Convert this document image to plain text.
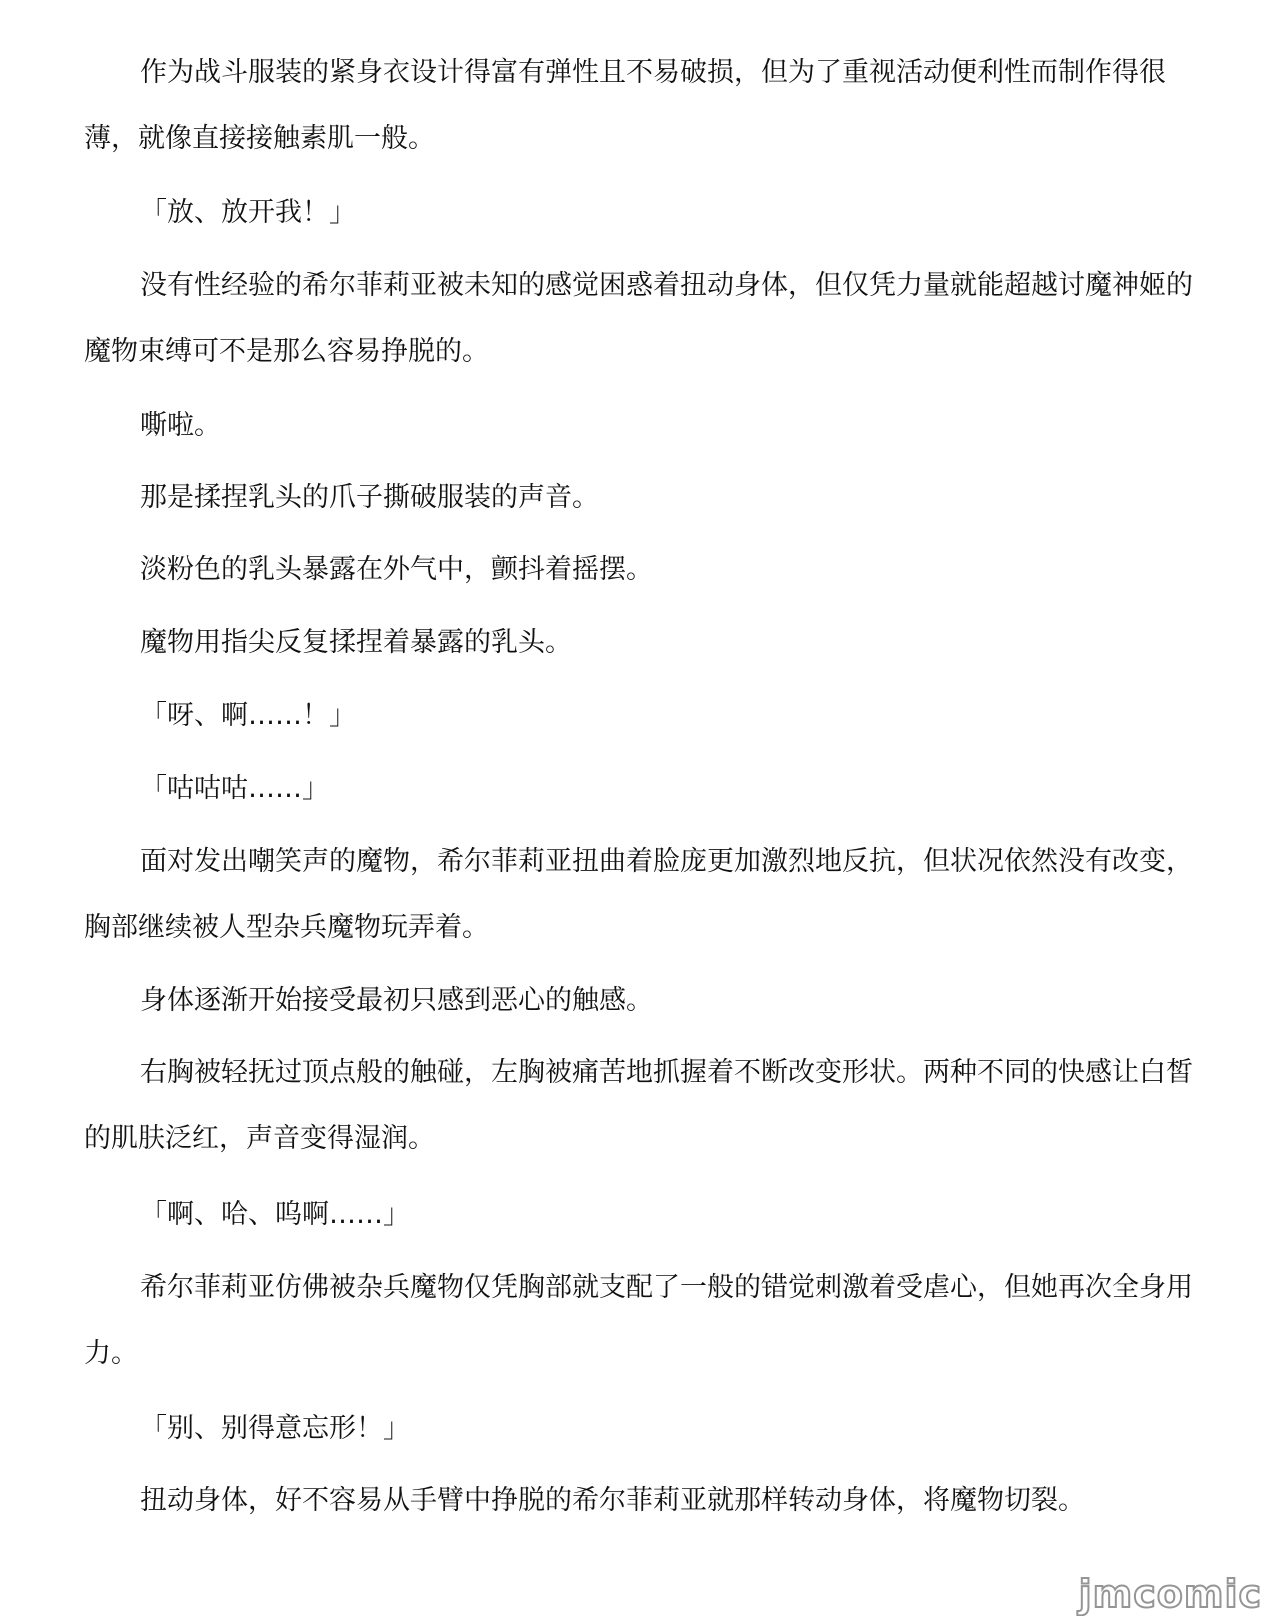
作为战斗服装的紧身衣设计得富有弹性且不易破损，但为了重视活动便利性而制作得很薄，就像直接接触素肌一般。

「放、放开我！」

没有性经验的希尔菲莉亚被未知的感觉困惑着扭动身体，但仅凭力量就能超越讨魔神姬的魔物束缚可不是那么容易挣脱的。

嘶啦。

那是揉捏乳头的爪子撕破服装的声音。

淡粉色的乳头暴露在外气中，颤抖着摇摆。

魔物用指尖反复揉捏着暴露的乳头。

「呀、啊……！」

「咕咕咕……」

面对发出嘲笑声的魔物，希尔菲莉亚扭曲着脸庞更加激烈地反抗，但状况依然没有改变，胸部继续被人型杂兵魔物玩弄着。

身体逐渐开始接受最初只感到恶心的触感。

右胸被轻抚过顶点般的触碰，左胸被痛苦地抓握着不断改变形状。两种不同的快感让白皙的肌肤泛红，声音变得湿润。

「啊、哈、呜啊……」

希尔菲莉亚仿佛被杂兵魔物仅凭胸部就支配了一般的错觉刺激着受虐心，但她再次全身用力。

「别、别得意忘形！」

扭动身体，好不容易从手臂中挣脱的希尔菲莉亚就那样转动身体，将魔物切裂。

jmcomic
